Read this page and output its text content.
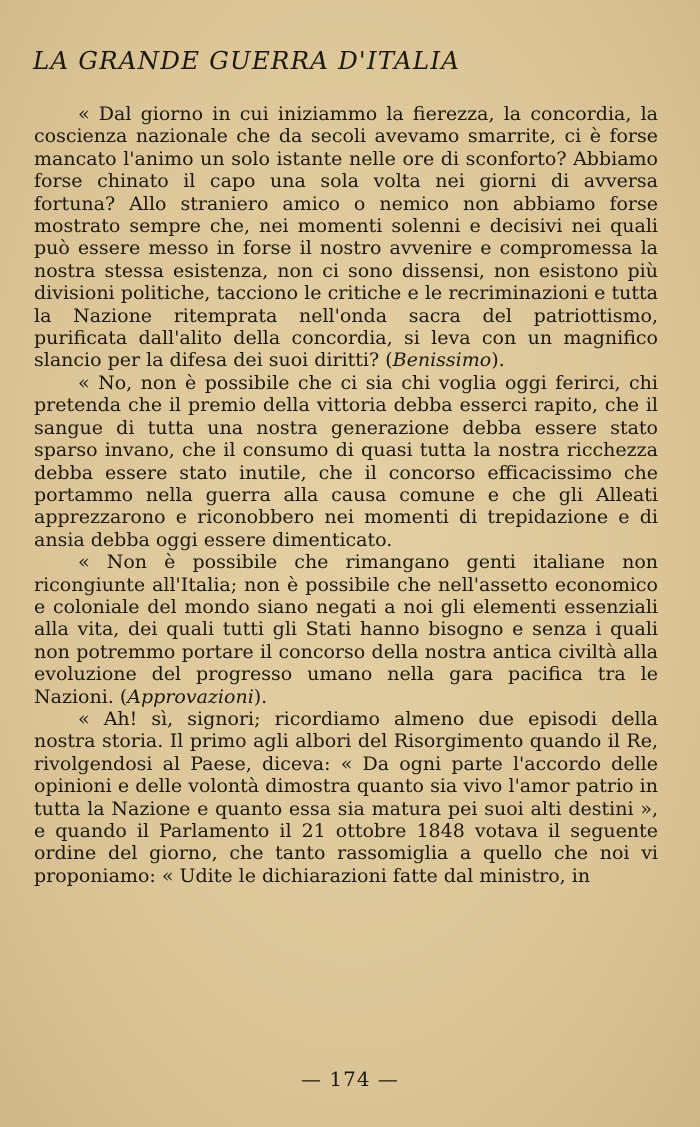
LA GRANDE GUERRA D'ITALIA

« Dal giorno in cui iniziammo la fierezza, la concordia, la coscienza nazionale che da secoli avevamo smarrite, ci è forse mancato l'animo un solo istante nelle ore di sconforto? Abbiamo forse chinato il capo una sola volta nei giorni di avversa fortuna? Allo straniero amico o nemico non abbiamo forse mostrato sempre che, nei momenti solenni e decisivi nei quali può essere messo in forse il nostro avvenire e compromessa la nostra stessa esistenza, non ci sono dissensi, non esistono più divisioni politiche, tacciono le critiche e le recriminazioni e tutta la Nazione ritemprata nell'onda sacra del patriottismo, purificata dall'alito della concordia, si leva con un magnifico slancio per la difesa dei suoi diritti? (Benissimo).

« No, non è possibile che ci sia chi voglia oggi ferirci, chi pretenda che il premio della vittoria debba esserci rapito, che il sangue di tutta una nostra generazione debba essere stato sparso invano, che il consumo di quasi tutta la nostra ricchezza debba essere stato inutile, che il concorso efficacissimo che portammo nella guerra alla causa comune e che gli Alleati apprezzarono e riconobbero nei momenti di trepidazione e di ansia debba oggi essere dimenticato.

« Non è possibile che rimangano genti italiane non ricongiunte all'Italia; non è possibile che nell'assetto economico e coloniale del mondo siano negati a noi gli elementi essenziali alla vita, dei quali tutti gli Stati hanno bisogno e senza i quali non potremmo portare il concorso della nostra antica civiltà alla evoluzione del progresso umano nella gara pacifica tra le Nazioni. (Approvazioni).

« Ah! sì, signori; ricordiamo almeno due episodi della nostra storia. Il primo agli albori del Risorgimento quando il Re, rivolgendosi al Paese, diceva: « Da ogni parte l'accordo delle opinioni e delle volontà dimostra quanto sia vivo l'amor patrio in tutta la Nazione e quanto essa sia matura pei suoi alti destini », e quando il Parlamento il 21 ottobre 1848 votava il seguente ordine del giorno, che tanto rassomiglia a quello che noi vi proponiamo: « Udite le dichiarazioni fatte dal ministro, in

— 174 —
